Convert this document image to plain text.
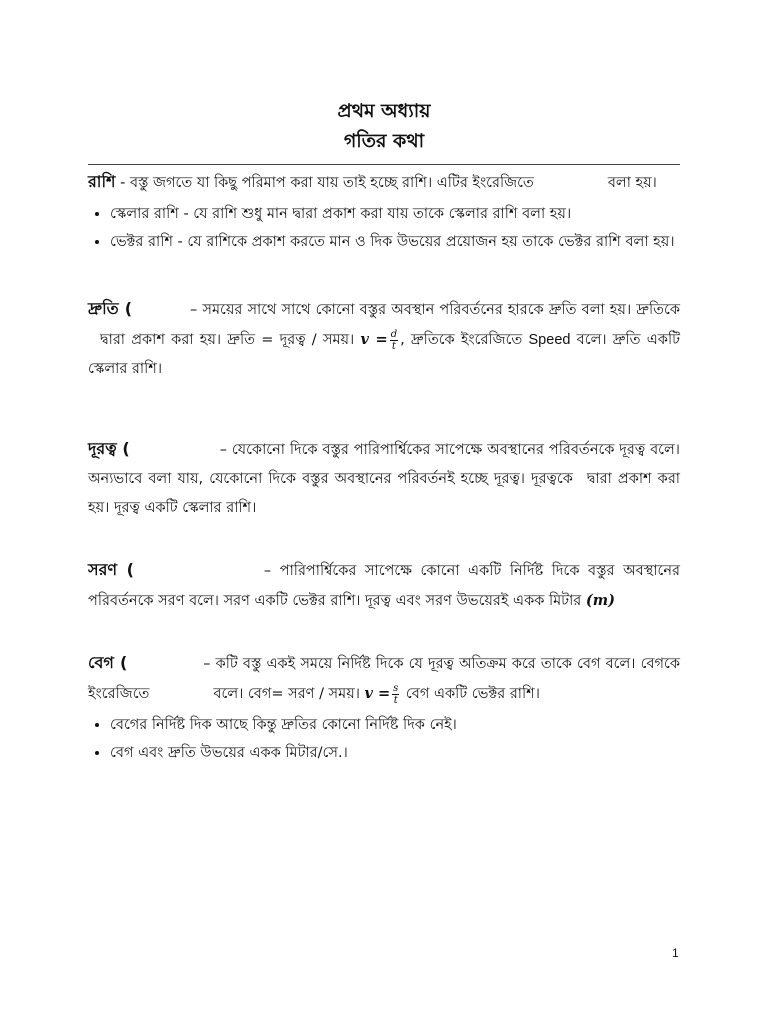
প্রথম অধ্যায়
গতির কথা

রাশি - বস্তু জগতে যা কিছু পরিমাপ করা যায় তাই হচ্ছে রাশি। এটির ইংরেজিতে	বলা হয়।

• স্কেলার রাশি - যে রাশি শুধু মান দ্বারা প্রকাশ করা যায় তাকে স্কেলার রাশি বলা হয়।
• ভেক্টর রাশি - যে রাশিকে প্রকাশ করতে মান ও দিক উভয়ের প্রয়োজন হয় তাকে ভেক্টর রাশি বলা হয়।

দ্রুতি (	– সময়ের সাথে সাথে কোনো বস্তুর অবস্থান পরিবর্তনের হারকে দ্রুতি বলা হয়। দ্রুতিকেদ্বারা প্রকাশ করা হয়। দ্রুতি = দূরত্ব / সময়। $v = \frac{d}{t}$ , দ্রুতিকে ইংরেজিতে Speed বলে। দ্রুতি একটি স্কেলার রাশি।

দূরত্ব (	– যেকোনো দিকে বস্তুর পারিপার্শ্বিকের সাপেক্ষে অবস্থানের পরিবর্তনকে দূরত্ব বলে। অন্যভাবে বলা যায়, যেকোনো দিকে বস্তুর অবস্থানের পরিবর্তনই হচ্ছে দূরত্ব। দূরত্বকে দ্বারা প্রকাশ করা হয়। দূরত্ব একটি স্কেলার রাশি।

সরণ (	– পারিপার্শ্বিকের সাপেক্ষে কোনো একটি নির্দিষ্ট দিকে বস্তুর অবস্থানের পরিবর্তনকে সরণ বলে। সরণ একটি ভেক্টর রাশি। দূরত্ব এবং সরণ উভয়েরই একক মিটার (m)

বেগ (	– কটি বস্তু একই সময়ে নির্দিষ্ট দিকে যে দূরত্ব অতিক্রম করে তাকে বেগ বলে। বেগকে ইংরেজিতে	বলে। বেগ= সরণ / সময়। $v = \frac{s}{t}$ বেগ একটি ভেক্টর রাশি।

• বেগের নির্দিষ্ট দিক আছে কিন্তু দ্রুতির কোনো নির্দিষ্ট দিক নেই।
• বেগ এবং দ্রুতি উভয়ের একক মিটার/সে.।
1
